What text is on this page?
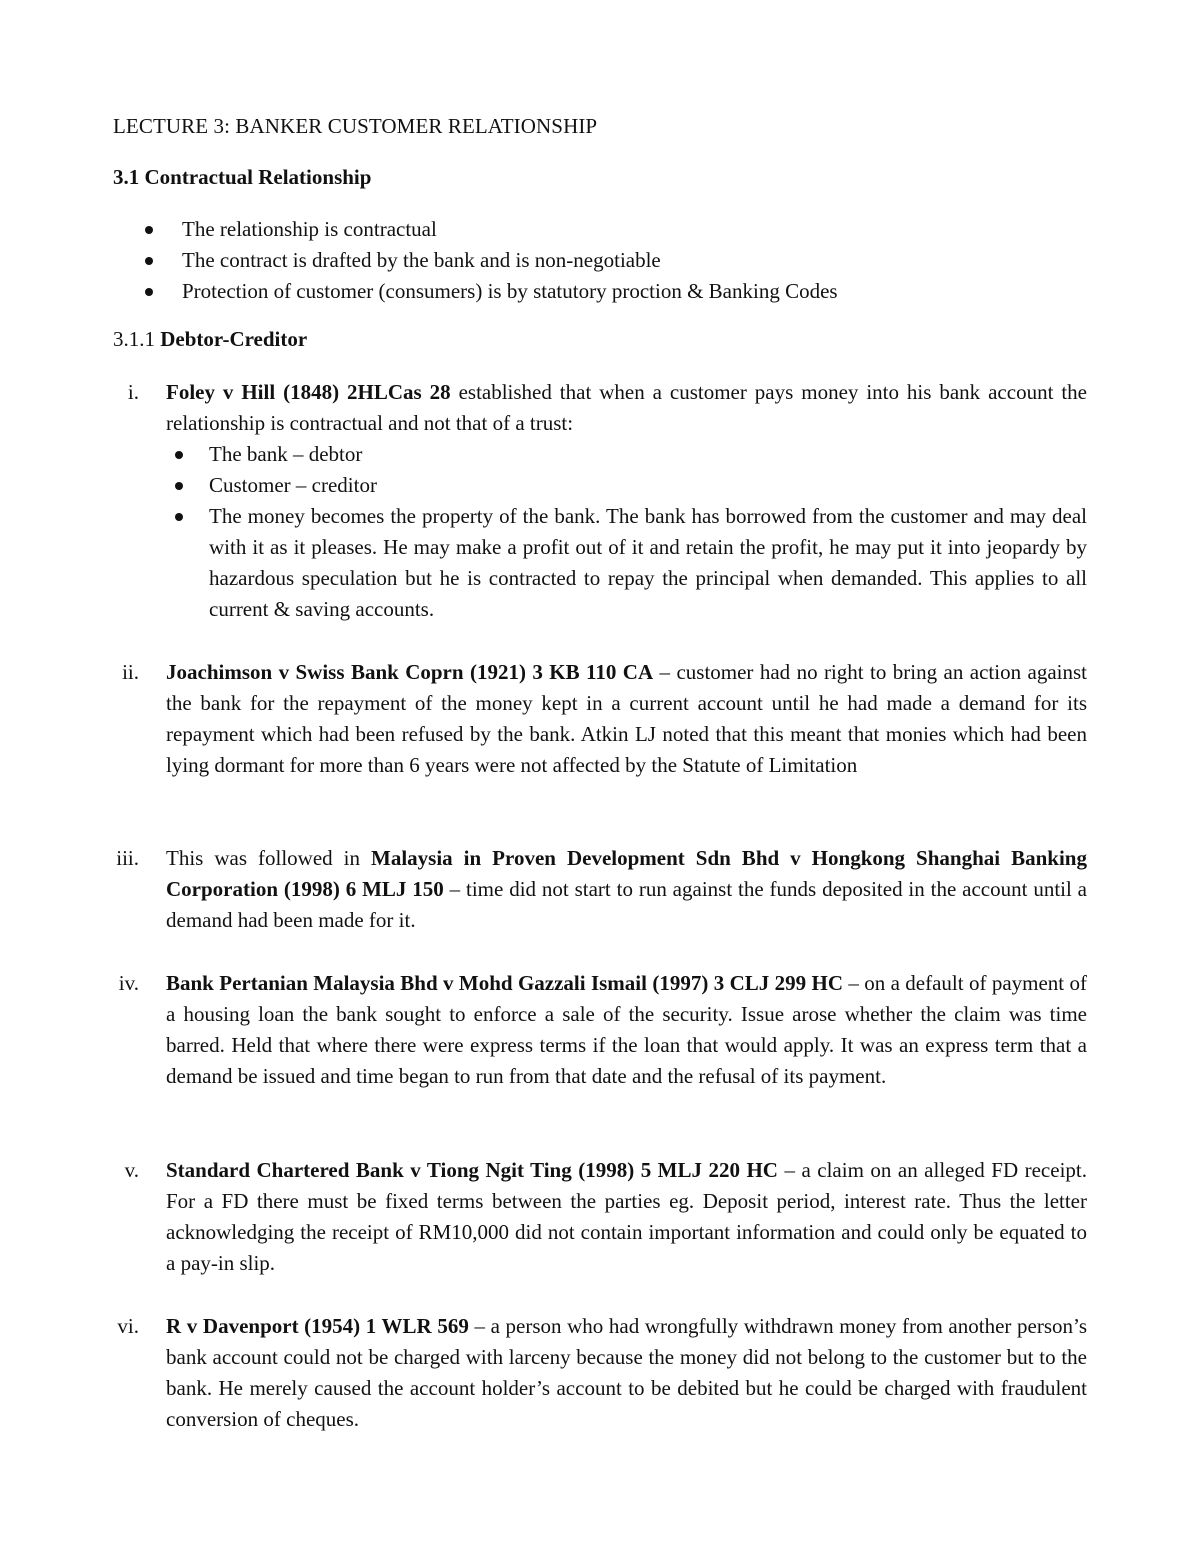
LECTURE 3: BANKER CUSTOMER RELATIONSHIP
3.1 Contractual Relationship
The relationship is contractual
The contract is drafted by the bank and is non-negotiable
Protection of customer (consumers) is by statutory proction & Banking Codes

3.1.1 Debtor-Creditor

i. Foley v Hill (1848) 2HLCas 28 established that when a customer pays money into his bank account the relationship is contractual and not that of a trust:
The bank – debtor
Customer – creditor
The money becomes the property of the bank. The bank has borrowed from the customer and may deal with it as it pleases. He may make a profit out of it and retain the profit, he may put it into jeopardy by hazardous speculation but he is contracted to repay the principal when demanded. This applies to all current & saving accounts.
ii. Joachimson v Swiss Bank Coprn (1921) 3 KB 110 CA – customer had no right to bring an action against the bank for the repayment of the money kept in a current account until he had made a demand for its repayment which had been refused by the bank. Atkin LJ noted that this meant that monies which had been lying dormant for more than 6 years were not affected by the Statute of Limitation
iii. This was followed in Malaysia in Proven Development Sdn Bhd v Hongkong Shanghai Banking Corporation (1998) 6 MLJ 150 – time did not start to run against the funds deposited in the account until a demand had been made for it.
iv. Bank Pertanian Malaysia Bhd v Mohd Gazzali Ismail (1997) 3 CLJ 299 HC – on a default of payment of a housing loan the bank sought to enforce a sale of the security. Issue arose whether the claim was time barred. Held that where there were express terms if the loan that would apply. It was an express term that a demand be issued and time began to run from that date and the refusal of its payment.
v. Standard Chartered Bank v Tiong Ngit Ting (1998) 5 MLJ 220 HC – a claim on an alleged FD receipt. For a FD there must be fixed terms between the parties eg. Deposit period, interest rate. Thus the letter acknowledging the receipt of RM10,000 did not contain important information and could only be equated to a pay-in slip.
vi. R v Davenport (1954) 1 WLR 569 – a person who had wrongfully withdrawn money from another person’s bank account could not be charged with larceny because the money did not belong to the customer but to the bank. He merely caused the account holder’s account to be debited but he could be charged with fraudulent conversion of cheques.
